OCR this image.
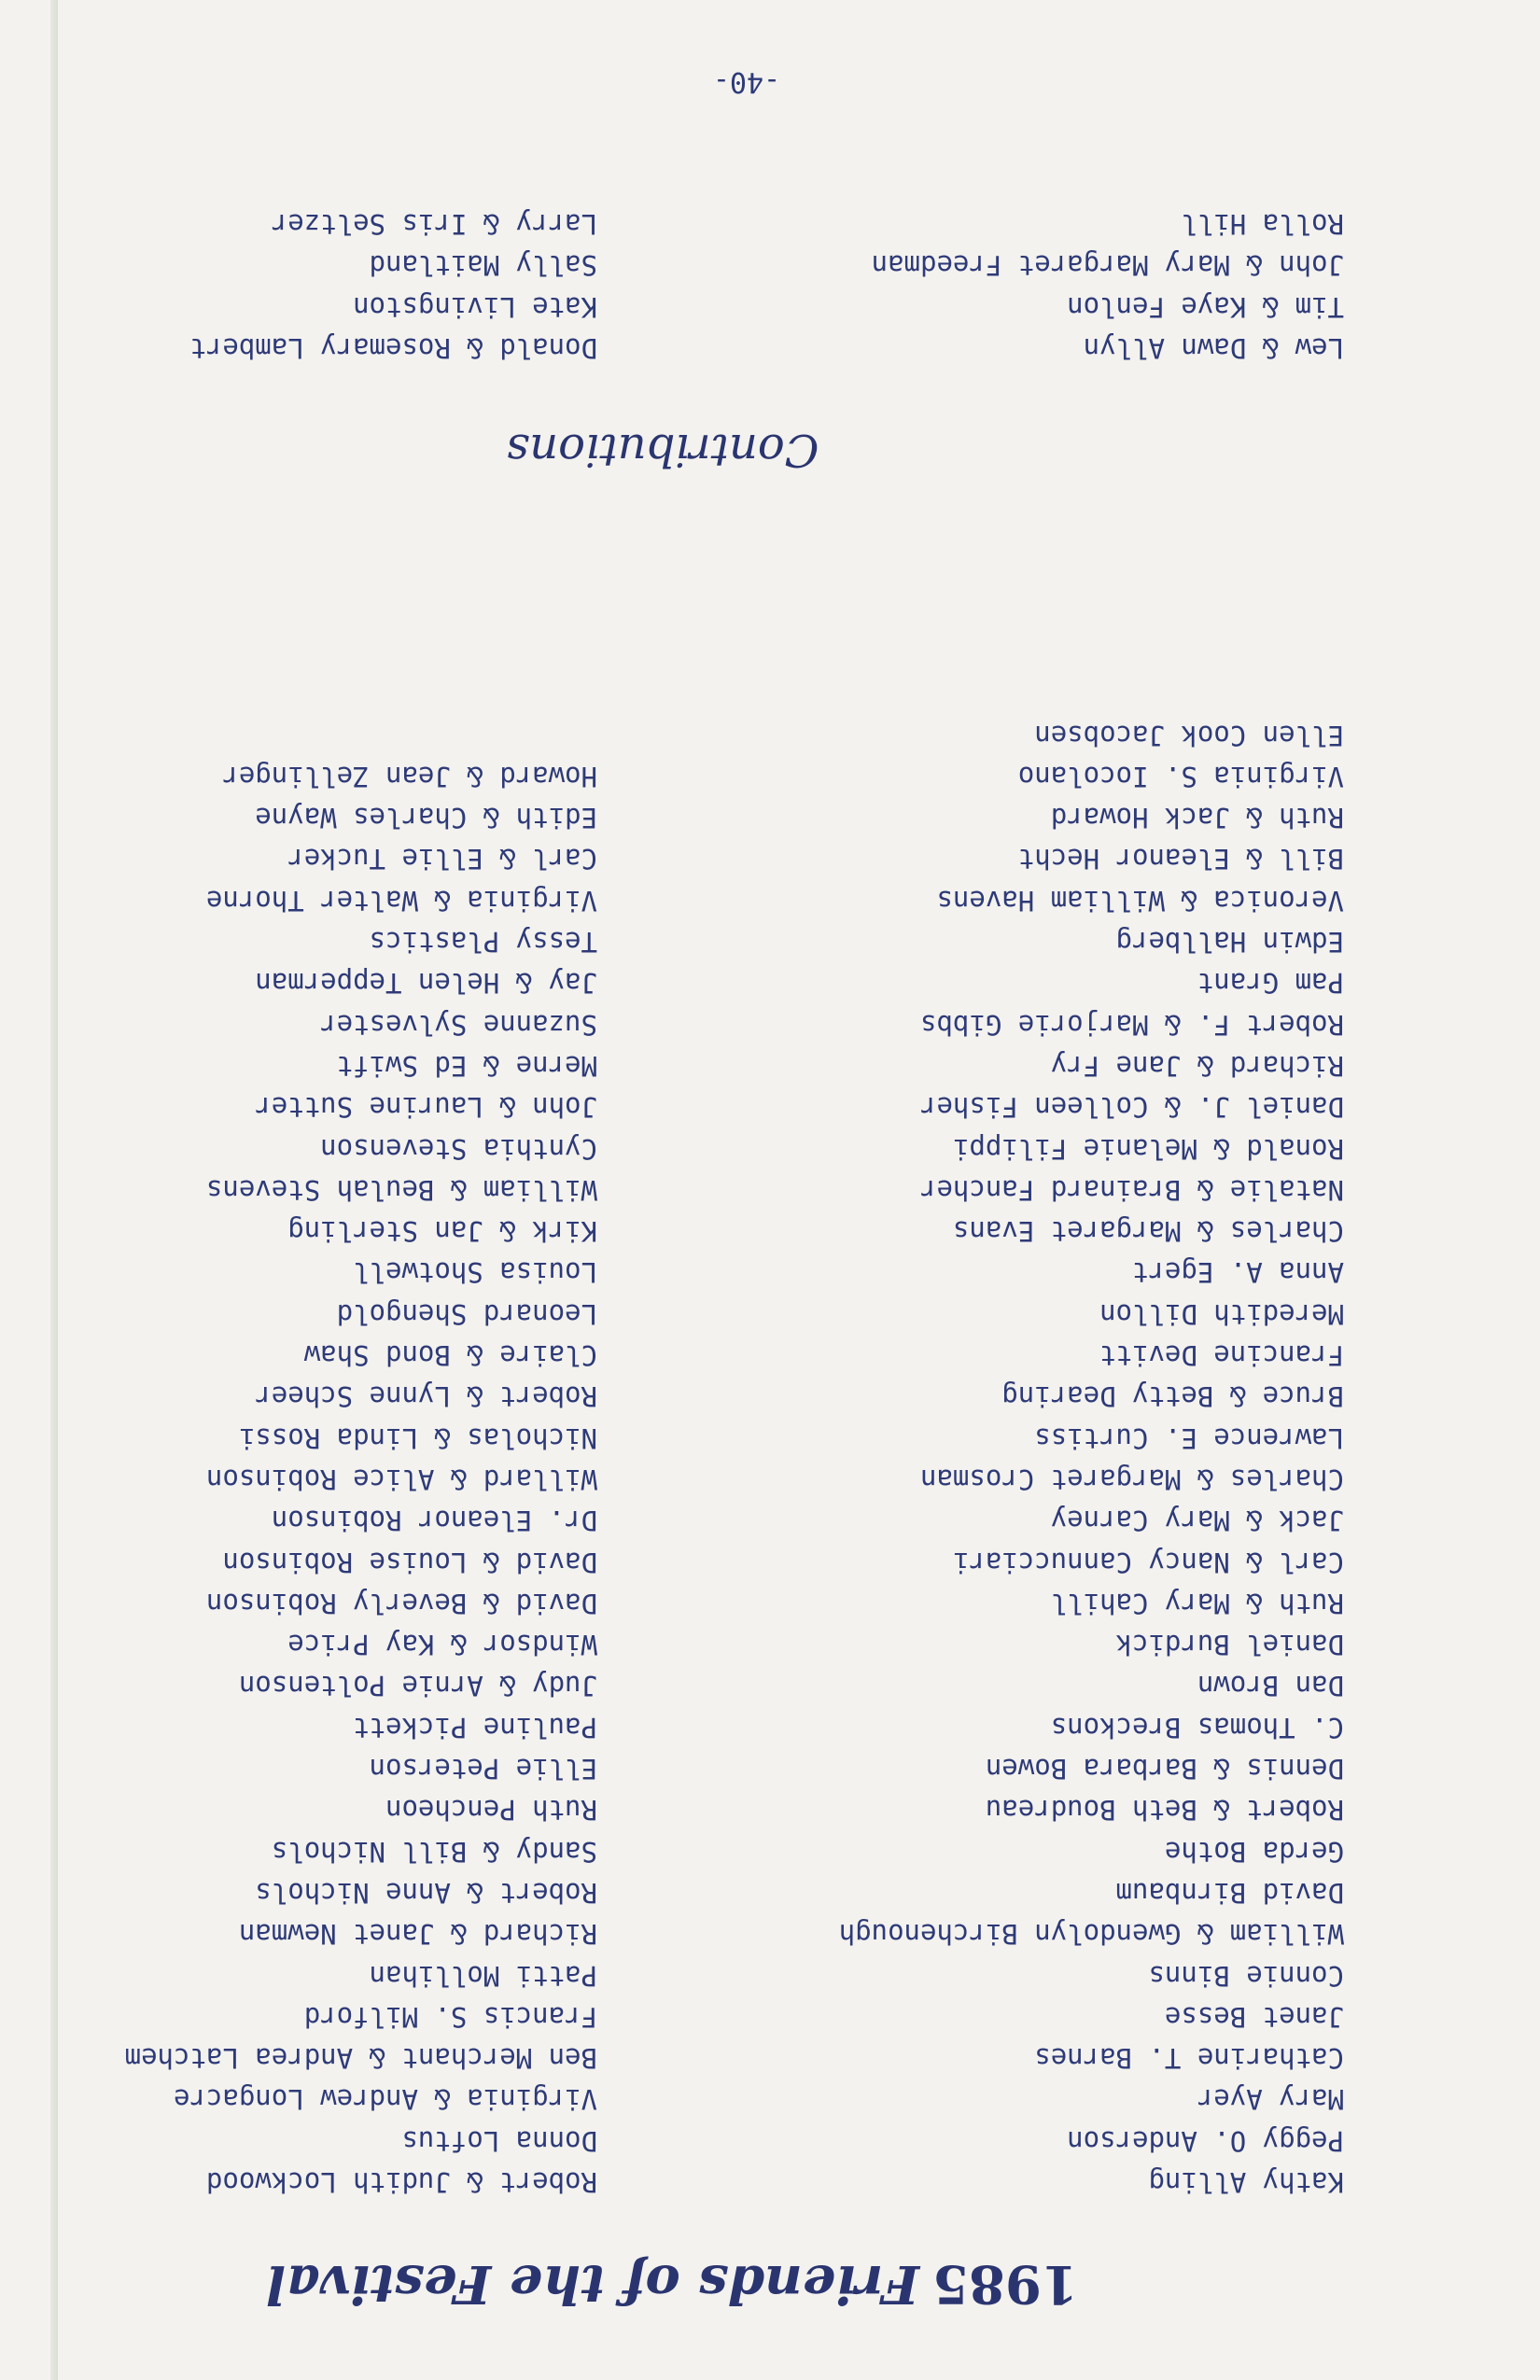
1985Friends of the Festival
Kathy Alling
Peggy O. Anderson
Mary Ayer
Catharine T. Barnes
Janet Besse
Connie Binns
William & Gwendolyn Birchenough
David Birnbaum
Gerda Bothe
Robert & Beth Boudreau
Dennis & Barbara Bowen
C. Thomas Breckons
Dan Brown
Daniel Burdick
Ruth & Mary Cahill
Carl & Nancy Cannucciari
Jack & Mary Carney
Charles & Margaret Crosman
Lawrence E. Curtiss
Bruce & Betty Dearing
Francine Devitt
Meredith Dillon
Anna A. Egert
Charles & Margaret Evans
Natalie & Brainard Fancher
Ronald & Melanie Filippi
Daniel J. & Colleen Fisher
Richard & Jane Fry
Robert F. & Marjorie Gibbs
Pam Grant
Edwin Hallberg
Veronica & William Havens
Bill & Eleanor Hecht
Ruth & Jack Howard
Virginia S. Iocolano
Ellen Cook Jacobsen
Robert & Judith Lockwood
Donna Loftus
Virginia & Andrew Longacre
Ben Merchant & Andrea Latchem
Francis S. Milford
Patti Mollihan
Richard & Janet Newman
Robert & Anne Nichols
Sandy & Bill Nichols
Ruth Pencheon
Ellie Peterson
Pauline Pickett
Judy & Arnie Poltenson
Windsor & Kay Price
David & Beverly Robinson
David & Louise Robinson
Dr. Eleanor Robinson
Willard & Alice Robinson
Nicholas & Linda Rossi
Robert & Lynne Scheer
Claire & Bond Shaw
Leonard Shengold
Louisa Shotwell
Kirk & Jan Sterling
William & Beulah Stevens
Cynthia Stevenson
John & Laurine Sutter
Merne & Ed Swift
Suzanne Sylvester
Jay & Helen Tepperman
Tessy Plastics
Virginia & Walter Thorne
Carl & Ellie Tucker
Edith & Charles Wayne
Howard & Jean Zellinger
Contributions
Lew & Dawn Allyn
Tim & Kaye Fenlon
John & Mary Margaret Freedman
Rolla Hill
Donald & Rosemary Lambert
Kate Livingston
Sally Maitland
Larry & Iris Seltzer
-40-
